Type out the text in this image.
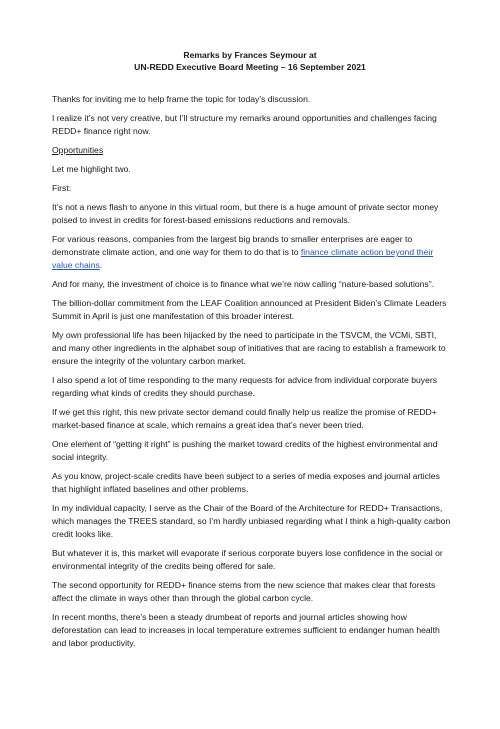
Remarks by Frances Seymour at
UN-REDD Executive Board Meeting – 16 September 2021

Thanks for inviting me to help frame the topic for today’s discussion.

I realize it’s not very creative, but I’ll structure my remarks around opportunities and challenges facing REDD+ finance right now.

Opportunities

Let me highlight two.

First:

It’s not a news flash to anyone in this virtual room, but there is a huge amount of private sector money poised to invest in credits for forest-based emissions reductions and removals.

For various reasons, companies from the largest big brands to smaller enterprises are eager to demonstrate climate action, and one way for them to do that is to finance climate action beyond their value chains.

And for many, the investment of choice is to finance what we’re now calling “nature-based solutions”.

The billion-dollar commitment from the LEAF Coalition announced at President Biden’s Climate Leaders Summit in April is just one manifestation of this broader interest.

My own professional life has been hijacked by the need to participate in the TSVCM, the VCMi, SBTI, and many other ingredients in the alphabet soup of initiatives that are racing to establish a framework to ensure the integrity of the voluntary carbon market.

I also spend a lot of time responding to the many requests for advice from individual corporate buyers regarding what kinds of credits they should purchase.

If we get this right, this new private sector demand could finally help us realize the promise of REDD+ market-based finance at scale, which remains a great idea that’s never been tried.

One element of “getting it right” is pushing the market toward credits of the highest environmental and social integrity.

As you know, project-scale credits have been subject to a series of media exposes and journal articles that highlight inflated baselines and other problems.

In my individual capacity, I serve as the Chair of the Board of the Architecture for REDD+ Transactions, which manages the TREES standard, so I’m hardly unbiased regarding what I think a high-quality carbon credit looks like.

But whatever it is, this market will evaporate if serious corporate buyers lose confidence in the social or environmental integrity of the credits being offered for sale.

The second opportunity for REDD+ finance stems from the new science that makes clear that forests affect the climate in ways other than through the global carbon cycle.

In recent months, there’s been a steady drumbeat of reports and journal articles showing how deforestation can lead to increases in local temperature extremes sufficient to endanger human health and labor productivity.
